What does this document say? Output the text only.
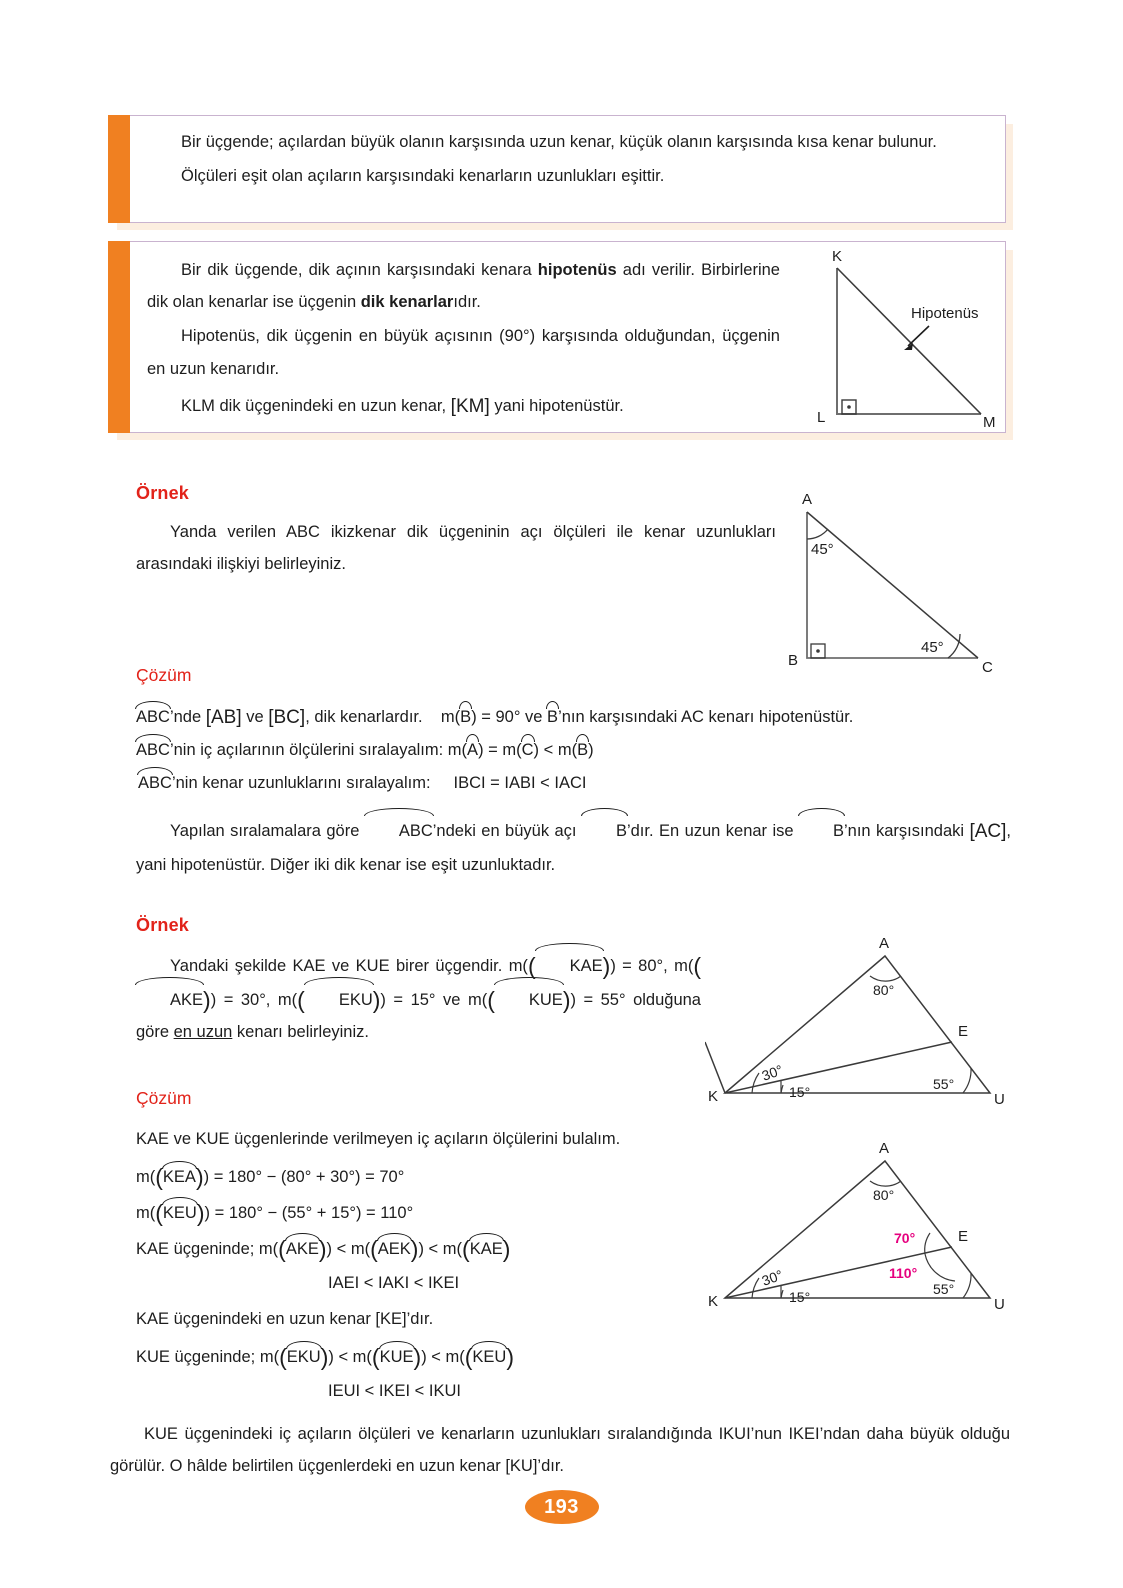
Bir üçgende; açılardan büyük olanın karşısında uzun kenar, küçük olanın karşısında kısa kenar bulunur.

Ölçüleri eşit olan açıların karşısındaki kenarların uzunlukları eşittir.

Bir dik üçgende, dik açının karşısındaki kenara hipotenüs adı verilir. Birbirlerine dik olan kenarlar ise üçgenin dik kenarlarıdır.

Hipotenüs, dik üçgenin en büyük açısının (90°) karşısında olduğundan, üçgenin en uzun kenarıdır.

KLM dik üçgenindeki en uzun kenar, [KM] yani hipotenüstür.

K
L	M
Hipotenüs
Örnek

Yanda verilen ABC ikizkenar dik üçgeninin açı ölçüleri ile kenar uzunlukları arasındaki ilişkiyi belirleyiniz.

A
B	C
45°
45°
Çözüm
ABC’nde [AB] ve [BC], dik kenarlardır. m(B) = 90° ve B’nın karşısındaki AC kenarı hipotenüstür.
ABC’nin iç açılarının ölçülerini sıralayalım: m(A) = m(C) < m(B)
ABC’nin kenar uzunluklarını sıralayalım: IBCI = IABI < IACI

Yapılan sıralamalara göre ABC’ndeki en büyük açı B’dır. En uzun kenar ise B’nın karşısındaki [AC], yani hipotenüstür. Diğer iki dik kenar ise eşit uzunluktadır.

Örnek

Yandaki şekilde KAE ve KUE birer üçgendir. m(( KAE)) = 80°, m((AKE)) = 30°, m(( EKU)) = 15° ve m(( KUE)) = 55° olduğuna göre en uzun kenarı belirleyiniz.

A
K
E
U
80°
30°
15°	55°
Çözüm
A
K
E
U
80°
30°
15°	55°
70°
110°
KAE ve KUE üçgenlerinde verilmeyen iç açıların ölçülerini bulalım.
m((KEA)) = 180° − (80° + 30°) = 70°
m((KEU)) = 180° − (55° + 15°) = 110°
KAE üçgeninde; m((AKE)) < m((AEK)) < m((KAE)
IAEI < IAKI < IKEI
KAE üçgenindeki en uzun kenar [KE]’dır.
KUE üçgeninde; m((EKU)) < m((KUE)) < m((KEU)
IEUI < IKEI < IKUI

KUE üçgenindeki iç açıların ölçüleri ve kenarların uzunlukları sıralandığında IKUI’nun IKEI’ndan daha büyük olduğu görülür. O hâlde belirtilen üçgenlerdeki en uzun kenar [KU]’dır.

193
